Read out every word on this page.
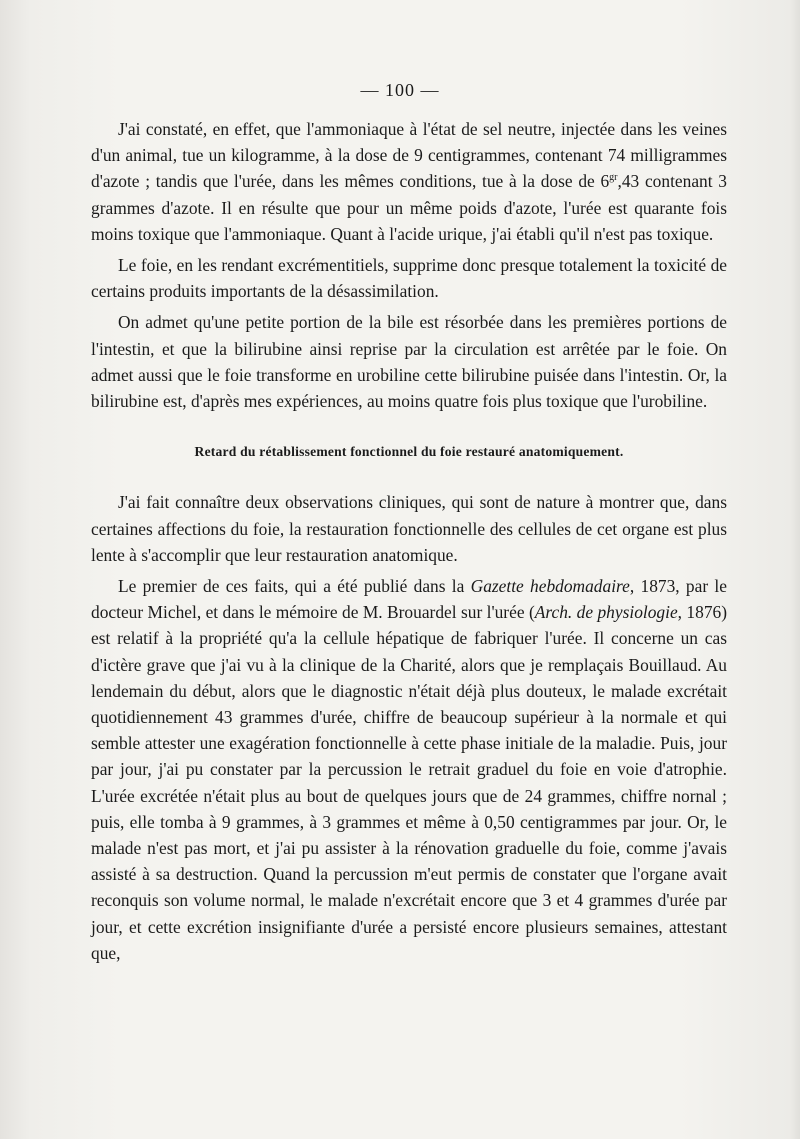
— 100 —

J'ai constaté, en effet, que l'ammoniaque à l'état de sel neutre, injectée dans les veines d'un animal, tue un kilogramme, à la dose de 9 centigrammes, contenant 74 milligrammes d'azote ; tandis que l'urée, dans les mêmes conditions, tue à la dose de $6^{gr},43$ contenant 3 grammes d'azote. Il en résulte que pour un même poids d'azote, l'urée est quarante fois moins toxique que l'ammoniaque. Quant à l'acide urique, j'ai établi qu'il n'est pas toxique.

Le foie, en les rendant excrémentitiels, supprime donc presque totalement la toxicité de certains produits importants de la désassimilation.

On admet qu'une petite portion de la bile est résorbée dans les premières portions de l'intestin, et que la bilirubine ainsi reprise par la circulation est arrêtée par le foie. On admet aussi que le foie transforme en urobiline cette bilirubine puisée dans l'intestin. Or, la bilirubine est, d'après mes expériences, au moins quatre fois plus toxique que l'urobiline.

Retard du rétablissement fonctionnel du foie restauré anatomiquement.

J'ai fait connaître deux observations cliniques, qui sont de nature à montrer que, dans certaines affections du foie, la restauration fonctionnelle des cellules de cet organe est plus lente à s'accomplir que leur restauration anatomique.

Le premier de ces faits, qui a été publié dans la Gazette hebdomadaire, 1873, par le docteur Michel, et dans le mémoire de M. Brouardel sur l'urée (Arch. de physiologie, 1876) est relatif à la propriété qu'a la cellule hépatique de fabriquer l'urée. Il concerne un cas d'ictère grave que j'ai vu à la clinique de la Charité, alors que je remplaçais Bouillaud. Au lendemain du début, alors que le diagnostic n'était déjà plus douteux, le malade excrétait quotidiennement 43 grammes d'urée, chiffre de beaucoup supérieur à la normale et qui semble attester une exagération fonctionnelle à cette phase initiale de la maladie. Puis, jour par jour, j'ai pu constater par la percussion le retrait graduel du foie en voie d'atrophie. L'urée excrétée n'était plus au bout de quelques jours que de 24 grammes, chiffre nornal ; puis, elle tomba à 9 grammes, à 3 grammes et même à 0,50 centigrammes par jour. Or, le malade n'est pas mort, et j'ai pu assister à la rénovation graduelle du foie, comme j'avais assisté à sa destruction. Quand la percussion m'eut permis de constater que l'organe avait reconquis son volume normal, le malade n'excrétait encore que 3 et 4 grammes d'urée par jour, et cette excrétion insignifiante d'urée a persisté encore plusieurs semaines, attestant que,
